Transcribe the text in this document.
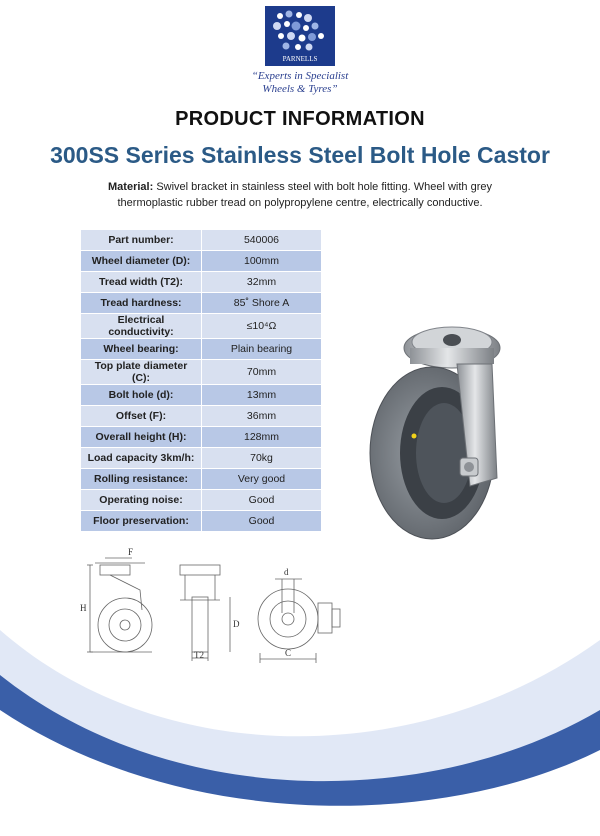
PARNELLS
“Experts in Specialist
Wheels & Tyres”
PRODUCT INFORMATION
300SS Series Stainless Steel Bolt Hole Castor
Material: Swivel bracket in stainless steel with bolt hole fitting. Wheel with grey thermoplastic rubber tread on polypropylene centre, electrically conductive.
Part number:	540006
Wheel diameter (D):	100mm
Tread width (T2):	32mm
Tread hardness:	85˚ Shore A
Electrical conductivity:	≤10⁴Ω
Wheel bearing:	Plain bearing
Top plate diameter (C):	70mm
Bolt hole (d):	13mm
Offset (F):	36mm
Overall height (H):	128mm
Load capacity 3km/h:	70kg
Rolling resistance:	Very good
Operating noise:	Good
Floor preservation:	Good
F
H
D
T2
d
C
